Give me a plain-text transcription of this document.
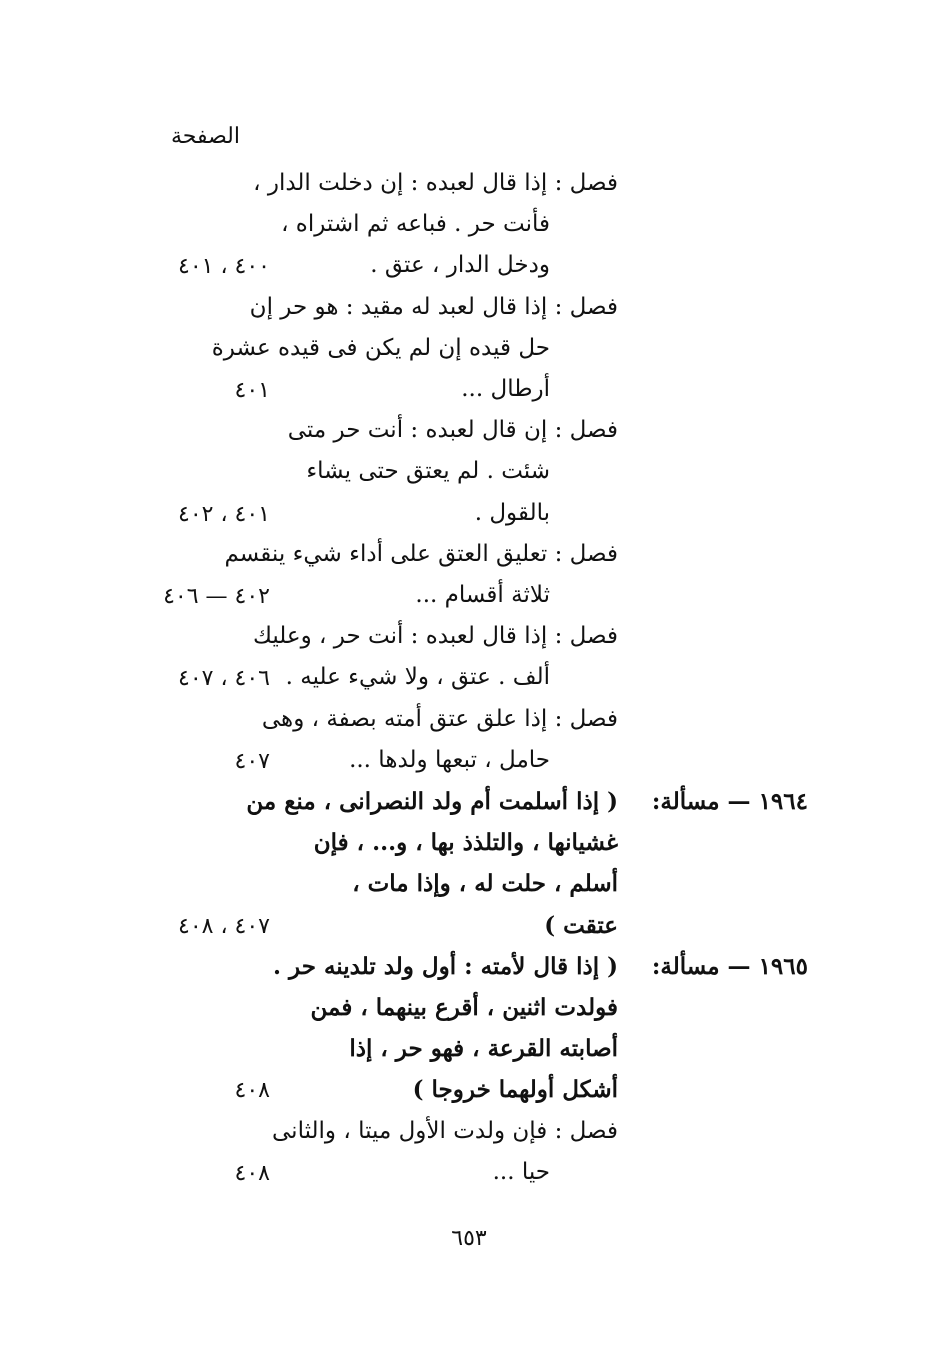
الصفحة
فصل : إذا قال لعبده : إن دخلت الدار ،
فأنت حر . فباعه ثم اشتراه ،
ودخل الدار ، عتق .
٤٠٠ ، ٤٠١
فصل : إذا قال لعبد له مقيد : هو حر إن
حل قيده إن لم يكن فى قيده عشرة
أرطال ...
٤٠١
فصل : إن قال لعبده : أنت حر متى
شئت . لم يعتق حتى يشاء
بالقول .
٤٠١ ، ٤٠٢
فصل : تعليق العتق على أداء شيء ينقسم
ثلاثة أقسام ...
٤٠٢ — ٤٠٦
فصل : إذا قال لعبده : أنت حر ، وعليك
ألف . عتق ، ولا شيء عليه .
٤٠٦ ، ٤٠٧
فصل : إذا علق عتق أمته بصفة ، وهى
حامل ، تبعها ولدها ...
٤٠٧
١٩٦٤ — مسألة:
( إذا أسلمت أم ولد النصرانى ، منع من
غشيانها ، والتلذذ بها ، و... ، فإن
أسلم ، حلت له ، وإذا مات ،
عتقت )
٤٠٧ ، ٤٠٨
١٩٦٥ — مسألة:
( إذا قال لأمته : أول ولد تلدينه حر .
فولدت اثنين ، أقرع بينهما ، فمن
أصابته القرعة ، فهو حر ، إذا
أشكل أولهما خروجا )
٤٠٨
فصل : فإن ولدت الأول ميتا ، والثانى
حيا ...
٤٠٨
٦٥٣
